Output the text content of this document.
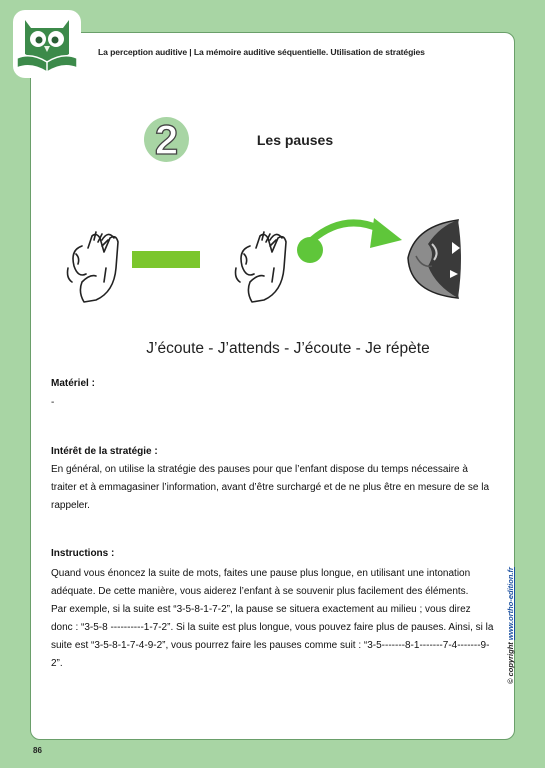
La perception auditive | La mémoire auditive séquentielle. Utilisation de stratégies
2	Les pauses
J’écoute - J’attends - J’écoute - Je répète
Matériel :
-
Intérêt de la stratégie :
En général, on utilise la stratégie des pauses pour que l’enfant dispose du temps nécessaire à traiter et à emmagasiner l’information, avant d’être surchargé et de ne plus être en mesure de se la rappeler.
Instructions :

Quand vous énoncez la suite de mots, faites une pause plus longue, en utilisant une intonation adéquate. De cette manière, vous aiderez l’enfant à se souvenir plus facilement des éléments.

Par exemple, si la suite est “3-5-8-1-7-2”, la pause se situera exactement au milieu ; vous direz donc : “3-5-8 ----------1-7-2”. Si la suite est plus longue, vous pouvez faire plus de pauses. Ainsi, si la suite est “3-5-8-1-7-4-9-2”, vous pourrez faire les pauses comme suit : “3-5-------8-1-------7-4-------9-2”.	© copyright www.ortho-edition.fr
86
